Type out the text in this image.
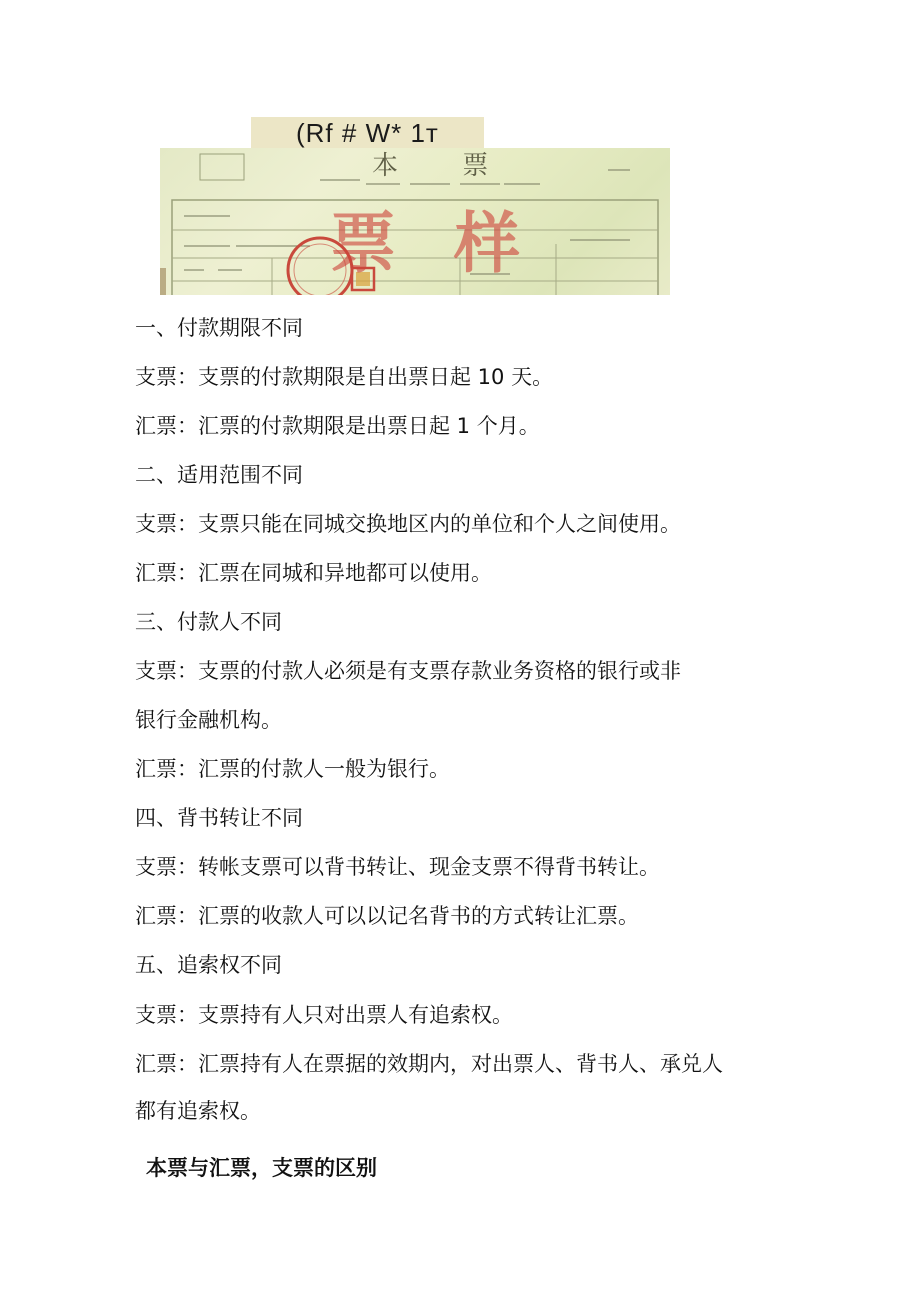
(Rf # W* 1т
本 票
票样
一、付款期限不同
支票：支票的付款期限是自出票日起 10 天。
汇票：汇票的付款期限是出票日起 1 个月。
二、适用范围不同
支票：支票只能在同城交换地区内的单位和个人之间使用。
汇票：汇票在同城和异地都可以使用。
三、付款人不同
支票：支票的付款人必须是有支票存款业务资格的银行或非
银行金融机构。
汇票：汇票的付款人一般为银行。
四、背书转让不同
支票：转帐支票可以背书转让、现金支票不得背书转让。
汇票：汇票的收款人可以以记名背书的方式转让汇票。
五、追索权不同
支票：支票持有人只对出票人有追索权。
汇票：汇票持有人在票据的效期内，对出票人、背书人、承兑人
都有追索权。
本票与汇票，支票的区别
